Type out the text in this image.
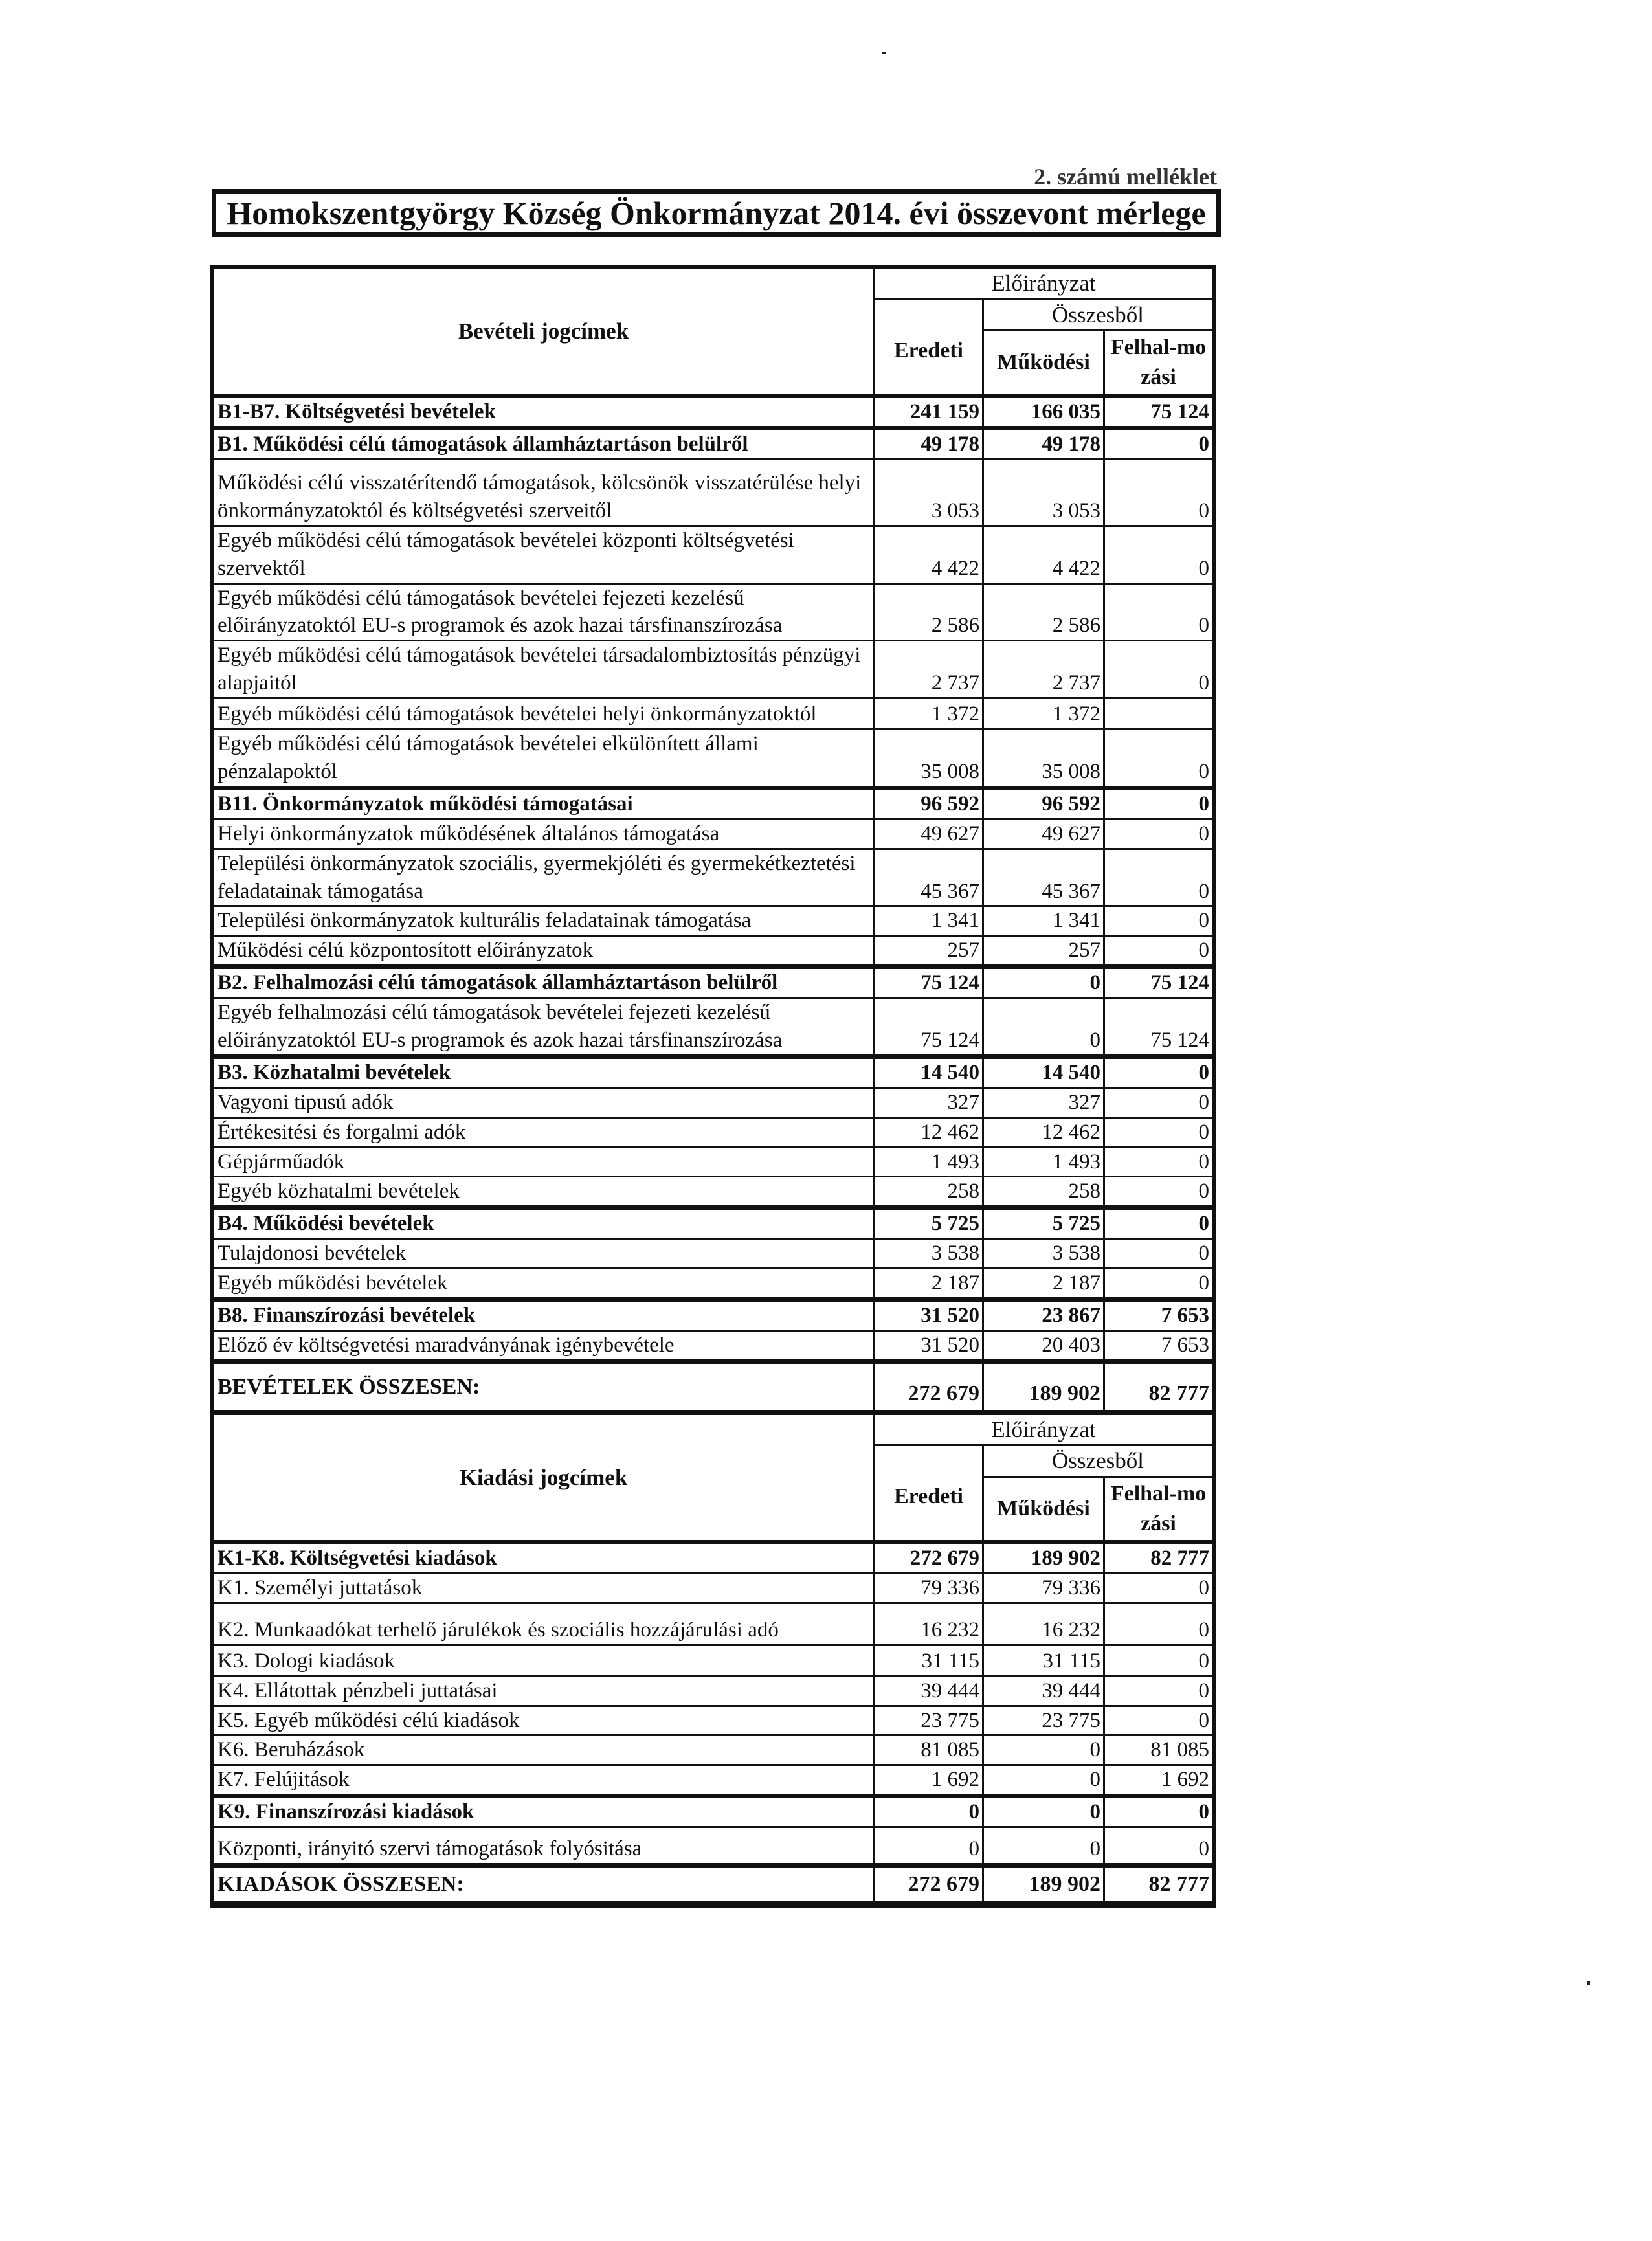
2. számú melléklet
Homokszentgyörgy Község Önkormányzat 2014. évi összevont mérlege
Bevételi jogcímek	Előirányzat		
	Eredeti	Összesből	
		Működési	Felhal-mozási
B1-B7. Költségvetési bevételek	241 159	166 035	75 124
B1. Működési célú támogatások államháztartáson belülről	49 178	49 178	0
Működési célú visszatérítendő támogatások, kölcsönök visszatérülése helyi önkormányzatoktól és költségvetési szerveitől	3 053	3 053	0
Egyéb működési célú támogatások bevételei központi költségvetési szervektől	4 422	4 422	0
Egyéb működési célú támogatások bevételei fejezeti kezelésű előirányzatoktól EU-s programok és azok hazai társfinanszírozása	2 586	2 586	0
Egyéb működési célú támogatások bevételei társadalombiztosítás pénzügyi alapjaitól	2 737	2 737	0
Egyéb működési célú támogatások bevételei helyi önkormányzatoktól	1 372	1 372	
Egyéb működési célú támogatások bevételei elkülönített állami pénzalapoktól	35 008	35 008	0
B11. Önkormányzatok működési támogatásai	96 592	96 592	0
Helyi önkormányzatok működésének általános támogatása	49 627	49 627	0
Települési önkormányzatok szociális, gyermekjóléti és gyermekétkeztetési feladatainak támogatása	45 367	45 367	0
Települési önkormányzatok kulturális feladatainak támogatása	1 341	1 341	0
Működési célú központosított előirányzatok	257	257	0
B2. Felhalmozási célú támogatások államháztartáson belülről	75 124	0	75 124
Egyéb felhalmozási célú támogatások bevételei fejezeti kezelésű előirányzatoktól EU-s programok és azok hazai társfinanszírozása	75 124	0	75 124
B3. Közhatalmi bevételek	14 540	14 540	0
Vagyoni tipusú adók	327	327	0
Értékesitési és forgalmi adók	12 462	12 462	0
Gépjárműadók	1 493	1 493	0
Egyéb közhatalmi bevételek	258	258	0
B4. Működési bevételek	5 725	5 725	0
Tulajdonosi bevételek	3 538	3 538	0
Egyéb működési bevételek	2 187	2 187	0
B8. Finanszírozási bevételek	31 520	23 867	7 653
Előző év költségvetési maradványának igénybevétele	31 520	20 403	7 653
BEVÉTELEK ÖSSZESEN:	272 679	189 902	82 777
Kiadási jogcímek	Előirányzat		
	Eredeti	Összesből	
		Működési	Felhal-mozási
K1-K8. Költségvetési kiadások	272 679	189 902	82 777
K1. Személyi juttatások	79 336	79 336	0
K2. Munkaadókat terhelő járulékok és szociális hozzájárulási adó	16 232	16 232	0
K3. Dologi kiadások	31 115	31 115	0
K4. Ellátottak pénzbeli juttatásai	39 444	39 444	0
K5. Egyéb működési célú kiadások	23 775	23 775	0
K6. Beruházások	81 085	0	81 085
K7. Felújitások	1 692	0	1 692
K9. Finanszírozási kiadások	0	0	0
Központi, irányitó szervi támogatások folyósitása	0	0	0
KIADÁSOK ÖSSZESEN:	272 679	189 902	82 777
